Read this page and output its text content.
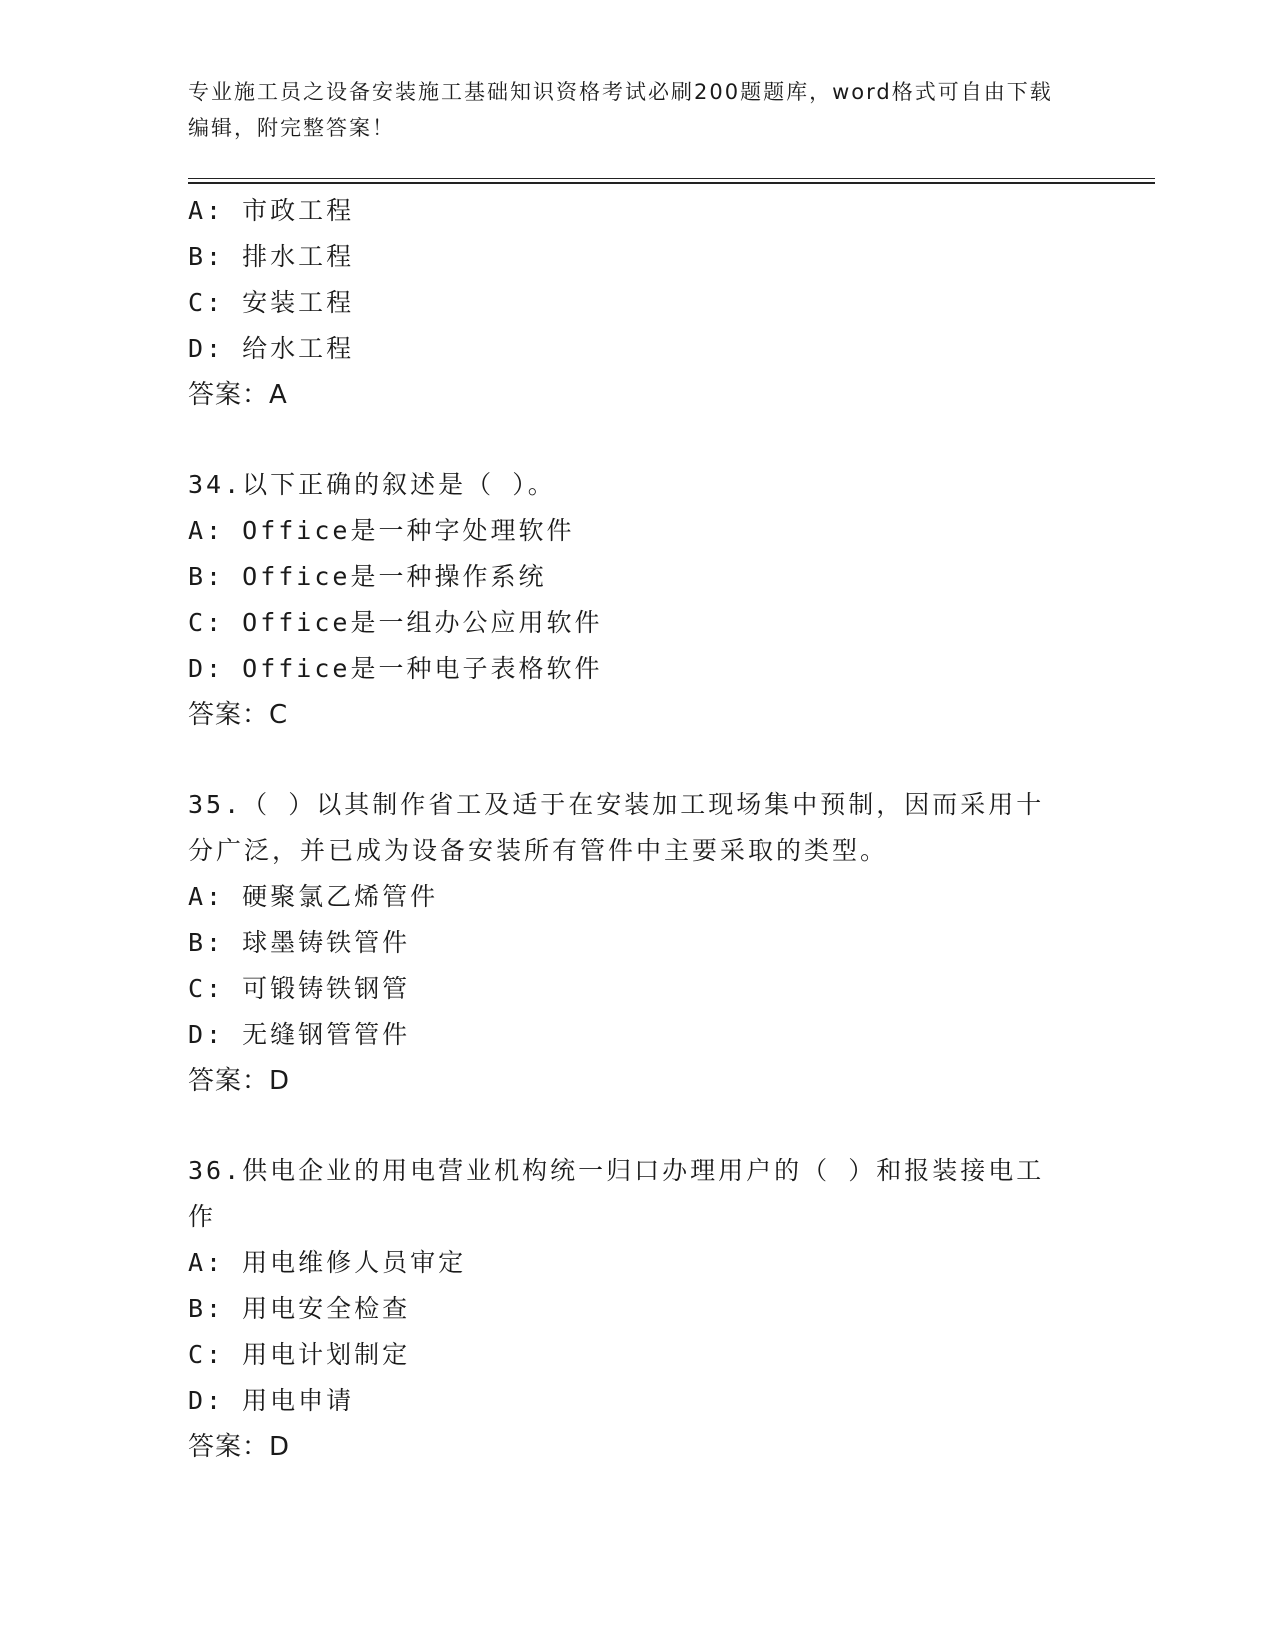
专业施工员之设备安装施工基础知识资格考试必刷200题题库，word格式可自由下载编辑，附完整答案！
A: 市政工程
B: 排水工程
C: 安装工程
D: 给水工程
答案：A
34.以下正确的叙述是（ ）。
A: Office是一种字处理软件
B: Office是一种操作系统
C: Office是一组办公应用软件
D: Office是一种电子表格软件
答案：C
35.（ ）以其制作省工及适于在安装加工现场集中预制，因而采用十分广泛，并已成为设备安装所有管件中主要采取的类型。
A: 硬聚氯乙烯管件
B: 球墨铸铁管件
C: 可锻铸铁钢管
D: 无缝钢管管件
答案：D
36.供电企业的用电营业机构统一归口办理用户的（ ）和报装接电工作
A: 用电维修人员审定
B: 用电安全检查
C: 用电计划制定
D: 用电申请
答案：D
